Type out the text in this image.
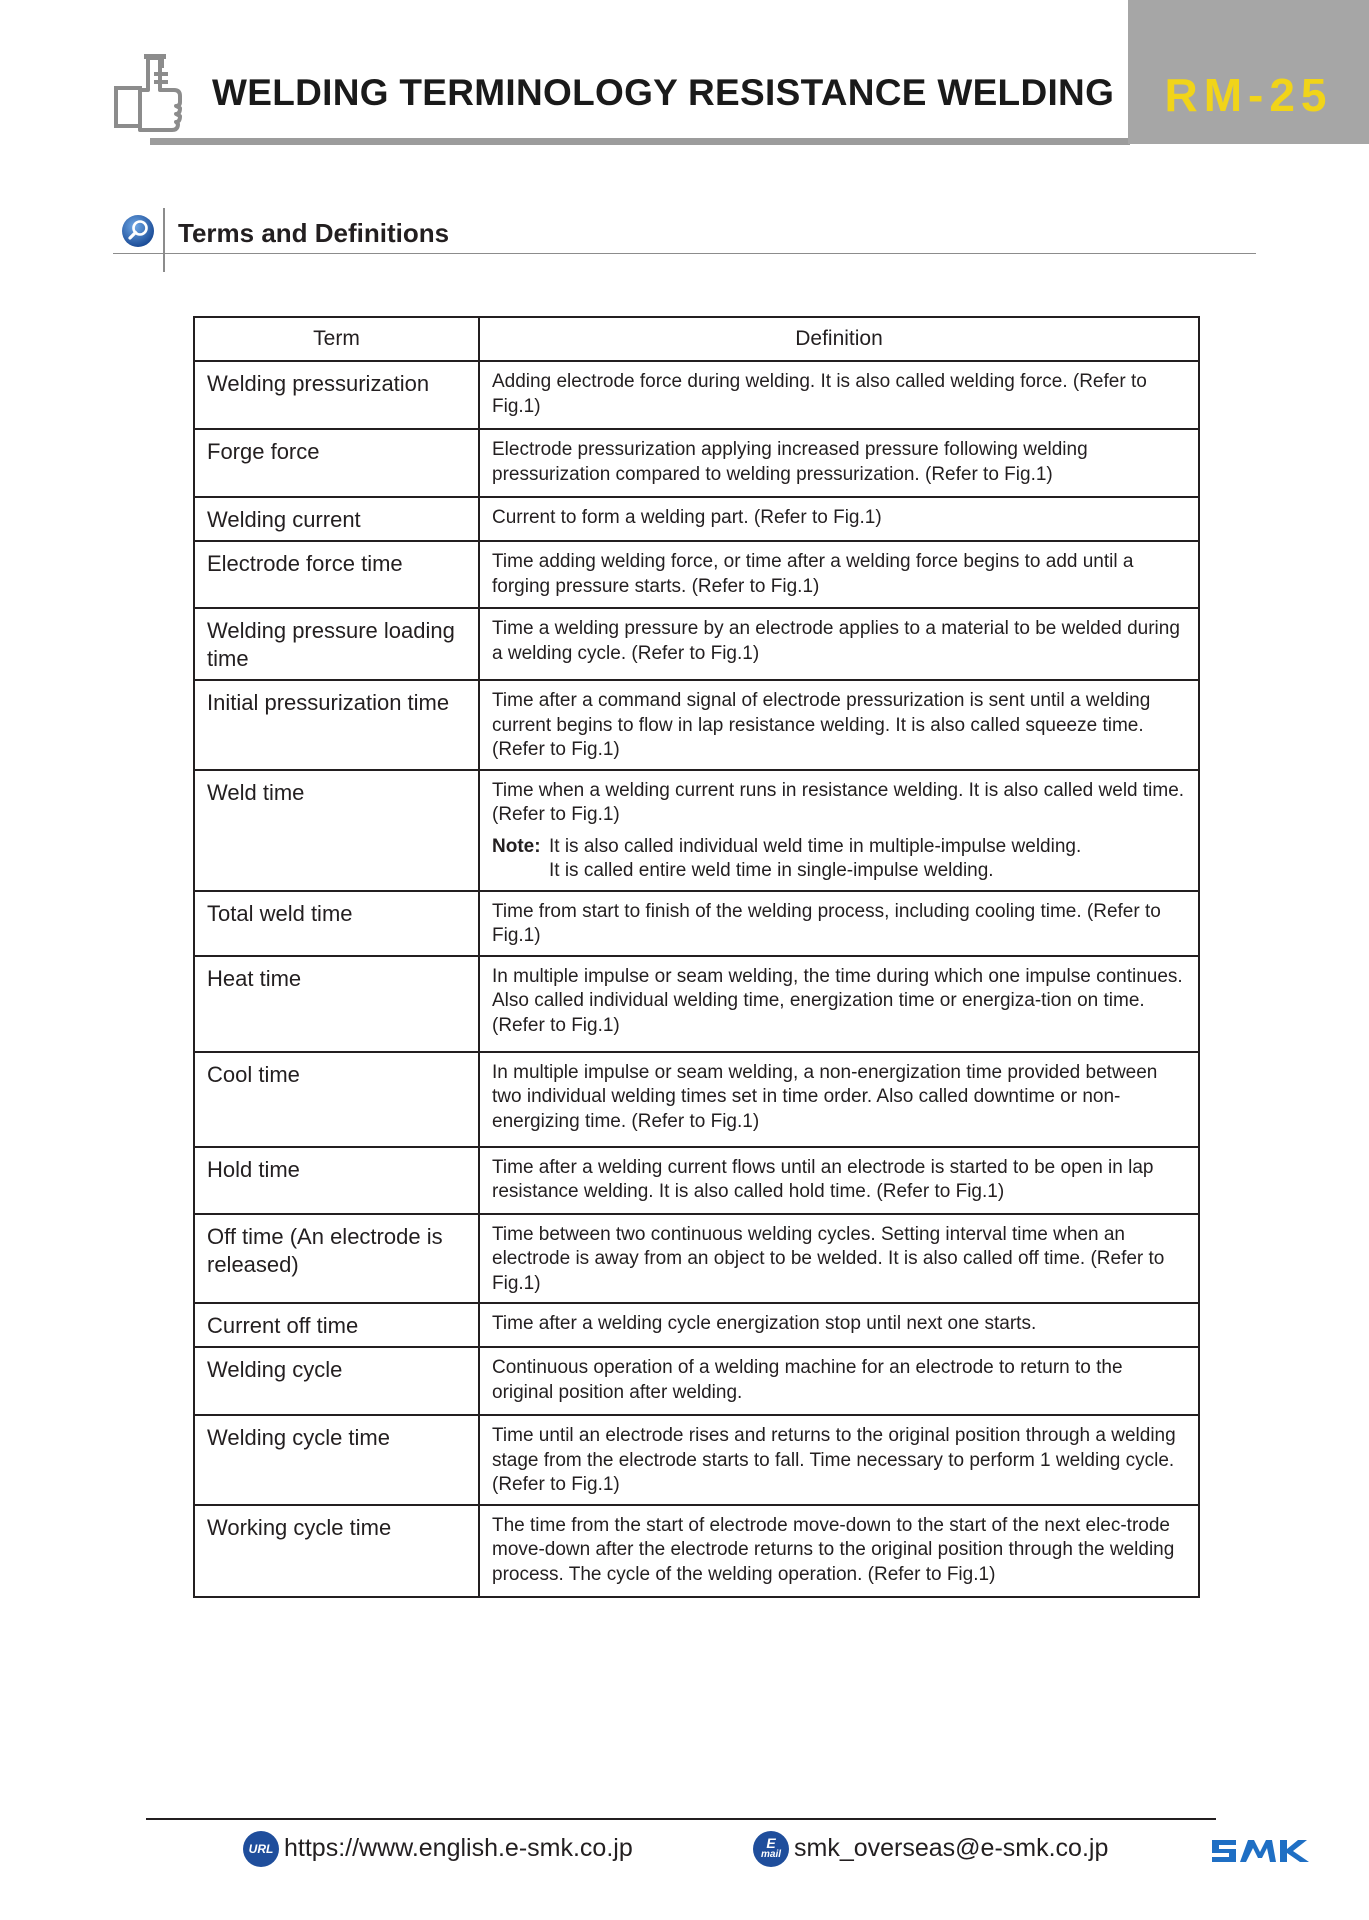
WELDING TERMINOLOGY RESISTANCE WELDING	RM-25
Terms and Definitions
Term	Definition
Welding pressurization	Adding electrode force during welding. It is also called welding force. (Refer to Fig.1)
Forge force	Electrode pressurization applying increased pressure following welding pressurization compared to welding pressurization. (Refer to Fig.1)
Welding current	Current to form a welding part. (Refer to Fig.1)
Electrode force time	Time adding welding force, or time after a welding force begins to add until a forging pressure starts. (Refer to Fig.1)
Welding pressure loading time	Time a welding pressure by an electrode applies to a material to be welded during a welding cycle. (Refer to Fig.1)
Initial pressurization time	Time after a command signal of electrode pressurization is sent until a welding current begins to flow in lap resistance welding. It is also called squeeze time. (Refer to Fig.1)
Weld time	Time when a welding current runs in resistance welding. It is also called weld time. (Refer to Fig.1)
Note: It is also called individual weld time in multiple-impulse welding.
It is called entire weld time in single-impulse welding.

Total weld time	Time from start to finish of the welding process, including cooling time. (Refer to Fig.1)
Heat time	In multiple impulse or seam welding, the time during which one impulse continues. Also called individual welding time, energization time or energiza-tion on time. (Refer to Fig.1)
Cool time	In multiple impulse or seam welding, a non-energization time provided between two individual welding times set in time order. Also called downtime or non-energizing time. (Refer to Fig.1)
Hold time	Time after a welding current flows until an electrode is started to be open in lap resistance welding. It is also called hold time. (Refer to Fig.1)
Off time (An electrode is released)	Time between two continuous welding cycles. Setting interval time when an electrode is away from an object to be welded. It is also called off time. (Refer to Fig.1)
Current off time	Time after a welding cycle energization stop until next one starts.
Welding cycle	Continuous operation of a welding machine for an electrode to return to the original position after welding.
Welding cycle time	Time until an electrode rises and returns to the original position through a welding stage from the electrode starts to fall. Time necessary to perform 1 welding cycle. (Refer to Fig.1)
Working cycle time	The time from the start of electrode move-down to the start of the next elec-trode move-down after the electrode returns to the original position through the welding process. The cycle of the welding operation. (Refer to Fig.1)
URL https://www.english.e-smk.co.jp	E
mail smk_overseas@e-smk.co.jp
